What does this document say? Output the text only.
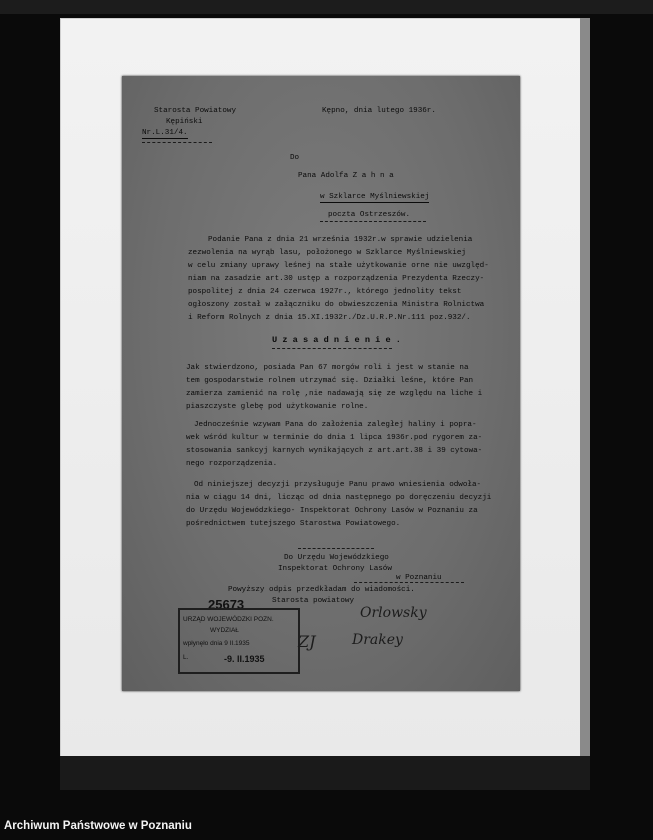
Starosta Powiatowy
Kępiński
Nr.L.31/4.
Kępno, dnia lutego 1936r.
Do
Pana Adolfa Z a h n a
w Szklarce Myślniewskiej
poczta Ostrzeszów.
Podanie Pana z dnia 21 września 1932r.w sprawie udzielenia
zezwolenia na wyrąb lasu, położonego w Szklarce Myślniewskiej
w celu zmiany uprawy leśnej na stałe użytkowanie orne nie uwzględ-
niam na zasadzie art.30 ustęp a rozporządzenia Prezydenta Rzeczy-
pospolitej z dnia 24 czerwca 1927r., którego jednolity tekst
ogłoszony został w załączniku do obwieszczenia Ministra Rolnictwa
i Reform Rolnych z dnia 15.XI.1932r./Dz.U.R.P.Nr.111 poz.932/.
U z a s a d n i e n i e .
Jak stwierdzono, posiada Pan 67 morgów roli i jest w stanie na
tem gospodarstwie rolnem utrzymać się. Działki leśne, które Pan
zamierza zamienić na rolę ,nie nadawają się ze względu na liche i
piaszczyste glebę pod użytkowanie rolne.
Jednocześnie wzywam Pana do założenia zaległej haliny i popra-
wek wśród kultur w terminie do dnia 1 lipca 1936r.pod rygorem za-
stosowania sankcyj karnych wynikających z art.art.38 i 39 cytowa-
nego rozporządzenia.
Od niniejszej decyzji przysługuje Panu prawo wniesienia odwoła-
nia w ciągu 14 dni, licząc od dnia następnego po doręczeniu decyzji
do Urzędu Wojewódzkiego- Inspektorat Ochrony Lasów w Poznaniu za
pośrednictwem tutejszego Starostwa Powiatowego.
Do Urzędu Wojewódzkiego
Inspektorat Ochrony Lasów
w Poznaniu
Powyższy odpis przedkładam do wiadomości.
Starosta powiatowy
25673
URZĄD WOJEWÓDZKI POZN.
WYDZIAŁ
wpłynęło dnia 9 II.1935
L.	-9. II.1935
Orlowsky
Drakey
ZJ
Archiwum Państwowe w Poznaniu
